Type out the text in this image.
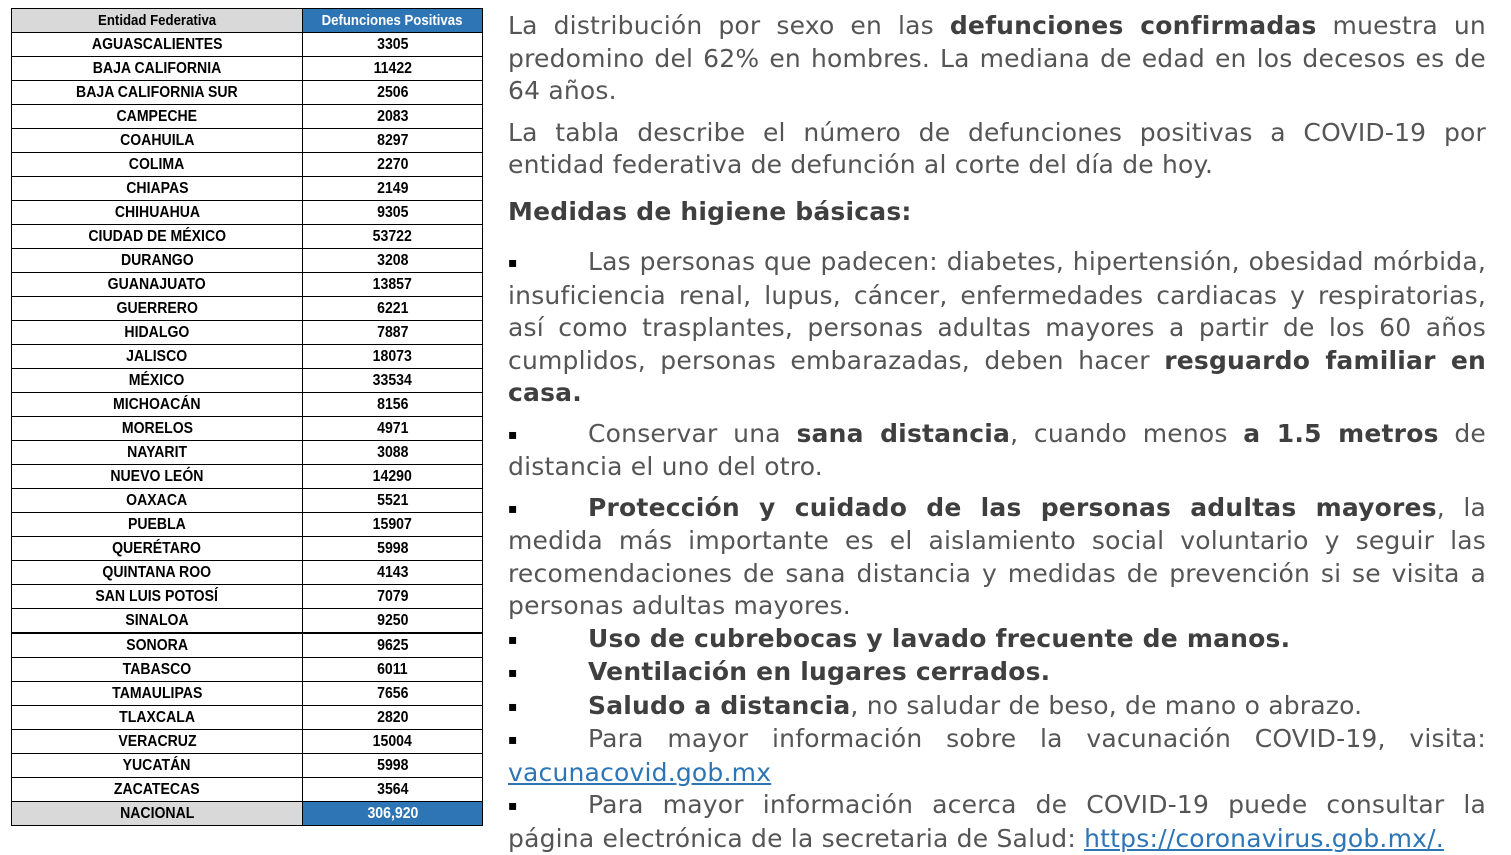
Entidad Federativa	Defunciones Positivas
AGUASCALIENTES	3305
BAJA CALIFORNIA	11422
BAJA CALIFORNIA SUR	2506
CAMPECHE	2083
COAHUILA	8297
COLIMA	2270
CHIAPAS	2149
CHIHUAHUA	9305
CIUDAD DE MÉXICO	53722
DURANGO	3208
GUANAJUATO	13857
GUERRERO	6221
HIDALGO	7887
JALISCO	18073
MÉXICO	33534
MICHOACÁN	8156
MORELOS	4971
NAYARIT	3088
NUEVO LEÓN	14290
OAXACA	5521
PUEBLA	15907
QUERÉTARO	5998
QUINTANA ROO	4143
SAN LUIS POTOSÍ	7079
SINALOA	9250
SONORA	9625
TABASCO	6011
TAMAULIPAS	7656
TLAXCALA	2820
VERACRUZ	15004
YUCATÁN	5998
ZACATECAS	3564
NACIONAL	306,920

La distribución por sexo en las defunciones confirmadas muestra un predomino del 62% en hombres. La mediana de edad en los decesos es de 64 años.

La tabla describe el número de defunciones positivas a COVID-19 por entidad federativa de defunción al corte del día de hoy.

Medidas de higiene básicas:

▪	Las personas que padecen: diabetes, hipertensión, obesidad mórbida, insuficiencia renal, lupus, cáncer, enfermedades cardiacas y respiratorias, así como trasplantes, personas adultas mayores a partir de los 60 años cumplidos, personas embarazadas, deben hacer resguardo familiar en casa.

▪	Conservar una sana distancia, cuando menos a 1.5 metros de distancia el uno del otro.

▪	Protección y cuidado de las personas adultas mayores, la medida más importante es el aislamiento social voluntario y seguir las recomendaciones de sana distancia y medidas de prevención si se visita a personas adultas mayores.

▪	Uso de cubrebocas y lavado frecuente de manos.

▪	Ventilación en lugares cerrados.

▪	Saludo a distancia, no saludar de beso, de mano o abrazo.

▪	Para mayor información sobre la vacunación COVID-19, visita: vacunacovid.gob.mx

▪	Para mayor información acerca de COVID-19 puede consultar la página electrónica de la secretaria de Salud: https://coronavirus.gob.mx/.
